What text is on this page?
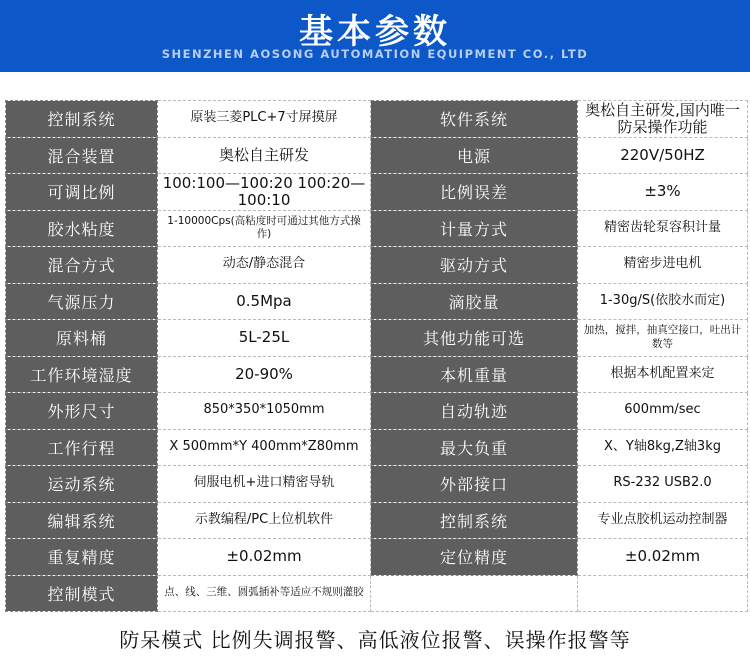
基本参数
SHENZHEN AOSONG AUTOMATION EQUIPMENT CO., LTD
控制系统	原装三菱PLC+7寸屏摸屏	软件系统	奥松自主研发,国内唯一防呆操作功能
混合装置	奥松自主研发	电源	220V/50HZ
可调比例	100:100—100:20 100:20—100:10	比例误差	±3%
胶水粘度	1-10000Cps(高粘度时可通过其他方式操作)	计量方式	精密齿轮泵容积计量
混合方式	动态/静态混合	驱动方式	精密步进电机
气源压力	0.5Mpa	滴胶量	1-30g/S(依胶水而定)
原料桶	5L-25L	其他功能可选	加热，搅拌，抽真空接口，吐出计数等
工作环境湿度	20-90%	本机重量	根据本机配置来定
外形尺寸	850*350*1050mm	自动轨迹	600mm/sec
工作行程	X 500mm*Y 400mm*Z80mm	最大负重	X、Y轴8kg,Z轴3kg
运动系统	伺服电机+进口精密导轨	外部接口	RS-232 USB2.0
编辑系统	示教编程/PC上位机软件	控制系统	专业点胶机运动控制器
重复精度	±0.02mm	定位精度	±0.02mm
控制模式	点、线、三维、圆弧插补等适应不规则灌胶		
防呆模式 比例失调报警、高低液位报警、误操作报警等
